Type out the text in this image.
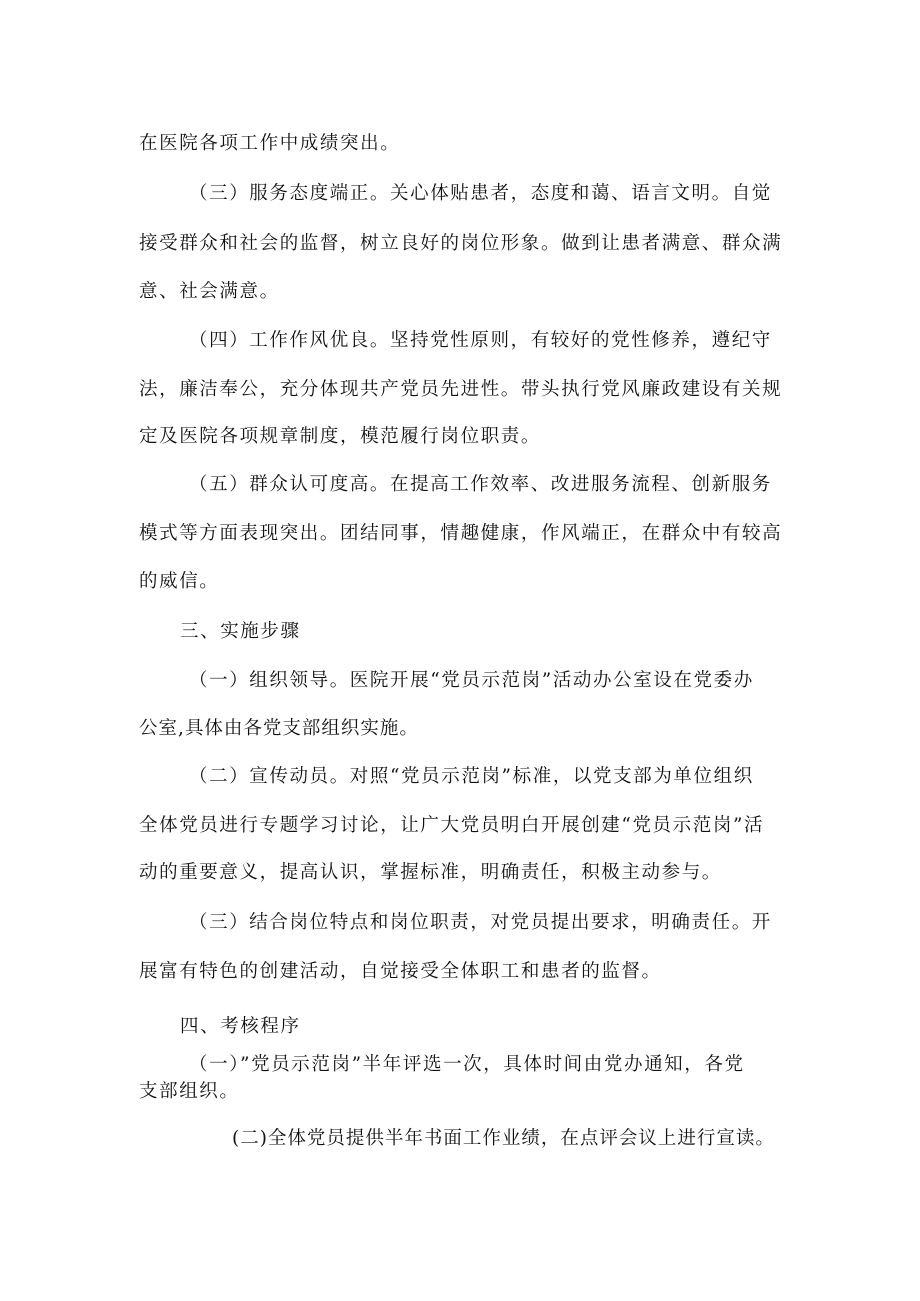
在医院各项工作中成绩突出。
（三）服务态度端正。关心体贴患者，态度和蔼、语言文明。自觉
接受群众和社会的监督，树立良好的岗位形象。做到让患者满意、群众满
意、社会满意。
（四）工作作风优良。坚持党性原则，有较好的党性修养，遵纪守
法，廉洁奉公，充分体现共产党员先进性。带头执行党风廉政建设有关规
定及医院各项规章制度，模范履行岗位职责。
（五）群众认可度高。在提高工作效率、改进服务流程、创新服务
模式等方面表现突出。团结同事，情趣健康，作风端正，在群众中有较高
的威信。
三、实施步骤
（一）组织领导。医院开展“党员示范岗”活动办公室设在党委办
公室,具体由各党支部组织实施。
（二）宣传动员。对照“党员示范岗”标准，以党支部为单位组织
全体党员进行专题学习讨论，让广大党员明白开展创建“党员示范岗”活
动的重要意义，提高认识，掌握标准，明确责任，积极主动参与。
（三）结合岗位特点和岗位职责，对党员提出要求，明确责任。开
展富有特色的创建活动，自觉接受全体职工和患者的监督。
四、考核程序
（一）”党员示范岗”半年评选一次，具体时间由党办通知，各党
支部组织。
(二)全体党员提供半年书面工作业绩，在点评会议上进行宣读。
